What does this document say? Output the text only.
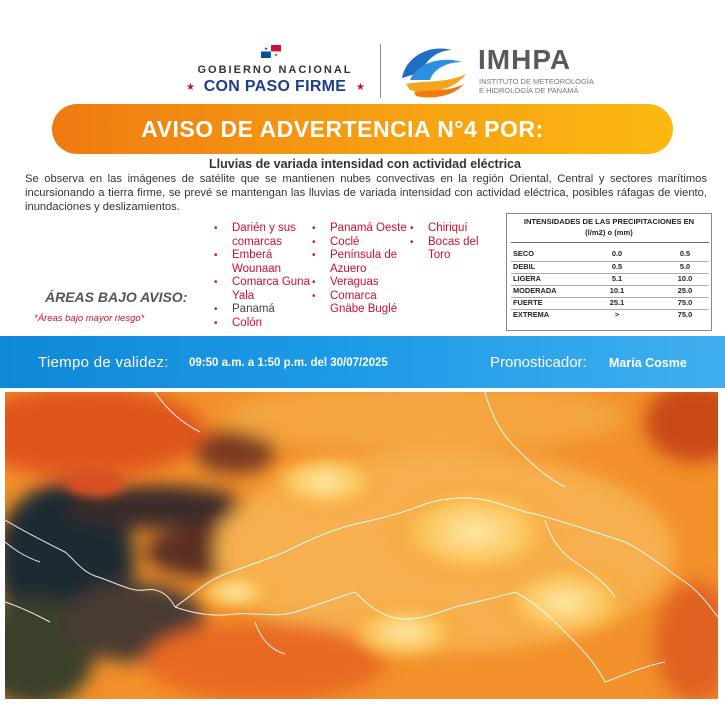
★
★
GOBIERNO NACIONAL
★ CON PASO FIRME ★
IMHPA
INSTITUTO DE METEOROLOGÍA
E HIDROLOGÍA DE PANAMÁ
AVISO DE ADVERTENCIA N°4 POR:
Lluvias de variada intensidad con actividad eléctrica
Se observa en las imágenes de satélite que se mantienen nubes convectivas en la región Oriental, Central y sectores marítimos incursionando a tierra firme, se prevé se mantengan las lluvias de variada intensidad con actividad eléctrica, posibles ráfagas de viento, inundaciones y deslizamientos.
ÁREAS BAJO AVISO:
*Áreas bajo mayor riesgo*
• Darién y sus comarcas
• Emberá Wounaan
• Comarca Guna Yala
• Panamá
• Colón
• Panamá Oeste
• Coclé
• Península de Azuero
• Veraguas
• Comarca Gnäbe Buglé
• Chiriquí
• Bocas del Toro
INTENSIDADES DE LAS PRECIPITACIONES EN
(l/m2) o (mm)
SECO	0.0	0.5
DEBIL	0.5	5.0
LIGERA	5.1	10.0
MODERADA	10.1	25.0
FUERTE	25.1	75.0
EXTREMA	>	75.0
Tiempo de validez: 09:50 a.m. a 1:50 p.m. del 30/07/2025	Pronosticador: María Cosme
